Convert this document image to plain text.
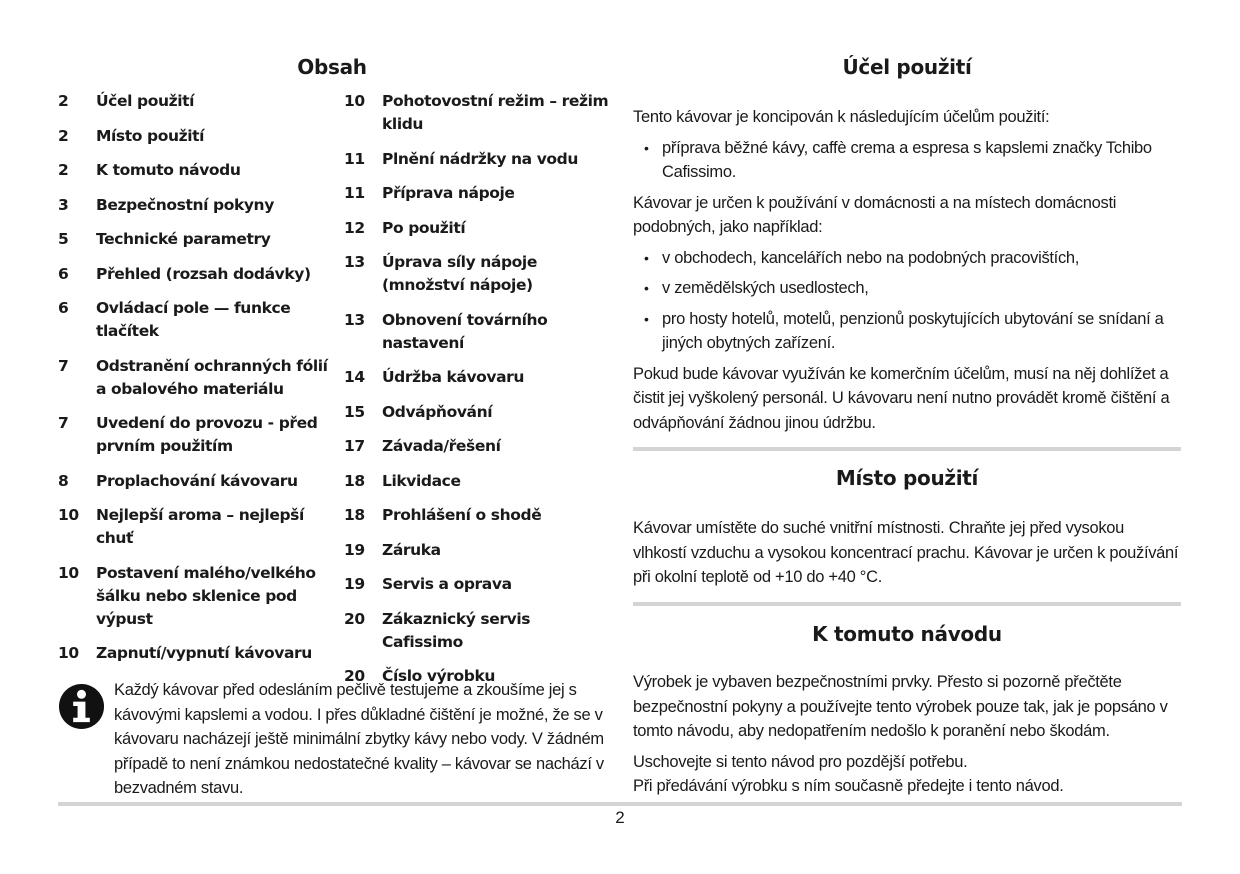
Obsah
2	Účel použití
2	Místo použití
2	K tomuto návodu
3	Bezpečnostní pokyny
5	Technické parametry
6	Přehled (rozsah dodávky)
6	Ovládací pole — funkce tlačítek
7	Odstranění ochranných fólií a obalového materiálu
7	Uvedení do provozu - před prvním použitím
8	Proplachování kávovaru
10	Nejlepší aroma – nejlepší chuť
10	Postavení malého/velkého šálku nebo sklenice pod výpust
10	Zapnutí/vypnutí kávovaru
10	Pohotovostní režim – režim klidu
11	Plnění nádržky na vodu
11	Příprava nápoje
12	Po použití
13	Úprava síly nápoje (množství nápoje)
13	Obnovení továrního nastavení
14	Údržba kávovaru
15	Odvápňování
17	Závada/řešení
18	Likvidace
18	Prohlášení o shodě
19	Záruka
19	Servis a oprava
20	Zákaznický servis Cafissimo
20	Číslo výrobku

Každý kávovar před odesláním pečlivě testujeme a zkoušíme jej s kávovými kapslemi a vodou. I přes důkladné čištění je možné, že se v kávovaru nacházejí ještě minimální zbytky kávy nebo vody. V žádném případě to není známkou nedostatečné kvality – kávovar se nachází v bezvadném stavu.

Účel použití

Tento kávovar je koncipován k následujícím účelům použití:

• příprava běžné kávy, caffè crema a espresa s kapslemi značky Tchibo Cafissimo.

Kávovar je určen k používání v domácnosti a na místech domácnosti podobných, jako například:

• v obchodech, kancelářích nebo na podobných pracovištích,
• v zemědělských usedlostech,
• pro hosty hotelů, motelů, penzionů poskytujících ubytování se snídaní a jiných obytných zařízení.

Pokud bude kávovar využíván ke komerčním účelům, musí na něj dohlížet a čistit jej vyškolený personál. U kávovaru není nutno provádět kromě čištění a odvápňování žádnou jinou údržbu.

Místo použití

Kávovar umístěte do suché vnitřní místnosti. Chraňte jej před vysokou vlhkostí vzduchu a vysokou koncentrací prachu. Kávovar je určen k používání při okolní teplotě od +10 do +40 °C.

K tomuto návodu

Výrobek je vybaven bezpečnostními prvky. Přesto si pozorně přečtěte bezpečnostní pokyny a používejte tento výrobek pouze tak, jak je popsáno v tomto návodu, aby nedopatřením nedošlo k poranění nebo škodám.

Uschovejte si tento návod pro pozdější potřebu.

Při předávání výrobku s ním současně předejte i tento návod.

2
